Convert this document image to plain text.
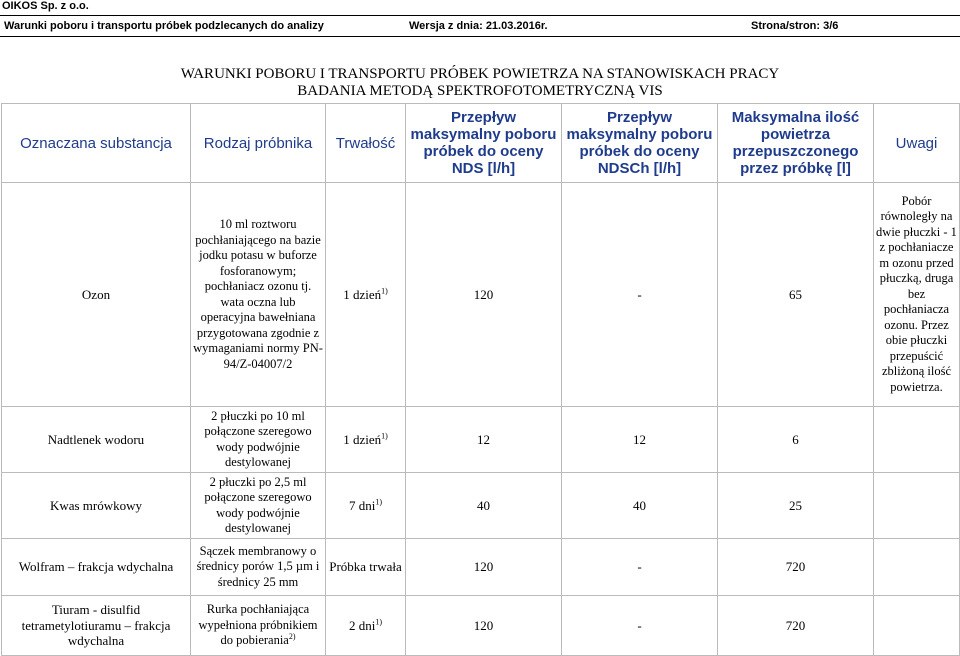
OIKOS Sp. z o.o.
Warunki poboru i transportu próbek podzlecanych do analizy	Wersja z dnia: 21.03.2016r.	Strona/stron: 3/6
WARUNKI POBORU I TRANSPORTU PRÓBEK POWIETRZA NA STANOWISKACH PRACY
BADANIA METODĄ SPEKTROFOTOMETRYCZNĄ VIS
Oznaczana substancja	Rodzaj próbnika	Trwałość	Przepływ maksymalny poboru próbek do oceny NDS [l/h]	Przepływ maksymalny poboru próbek do oceny NDSCh [l/h]	Maksymalna ilość powietrza przepuszczonego przez próbkę [l]	Uwagi
Ozon	10 ml roztworu pochłaniającego na bazie jodku potasu w buforze fosforanowym; pochłaniacz ozonu tj. wata oczna lub operacyjna bawełniana przygotowana zgodnie z wymaganiami normy PN-94/Z-04007/2	1 dzień$^{1)}$	120	-	65	Pobór równoległy na dwie płuczki - 1 z pochłaniacze m ozonu przed płuczką, druga bez pochłaniacza ozonu. Przez obie płuczki przepuścić zbliżoną ilość powietrza.
Nadtlenek wodoru	2 płuczki po 10 ml połączone szeregowo wody podwójnie destylowanej	1 dzień$^{1)}$	12	12	6	
Kwas mrówkowy	2 płuczki po 2,5 ml połączone szeregowo wody podwójnie destylowanej	7 dni$^{1)}$	40	40	25	
Wolfram – frakcja wdychalna	Sączek membranowy o średnicy porów 1,5 µm i średnicy 25 mm	Próbka trwała	120	-	720	
Tiuram - disulfid tetrametylotiuramu – frakcja wdychalna	Rurka pochłaniająca wypełniona próbnikiem do pobierania$^{2)}$	2 dni$^{1)}$	120	-	720	
